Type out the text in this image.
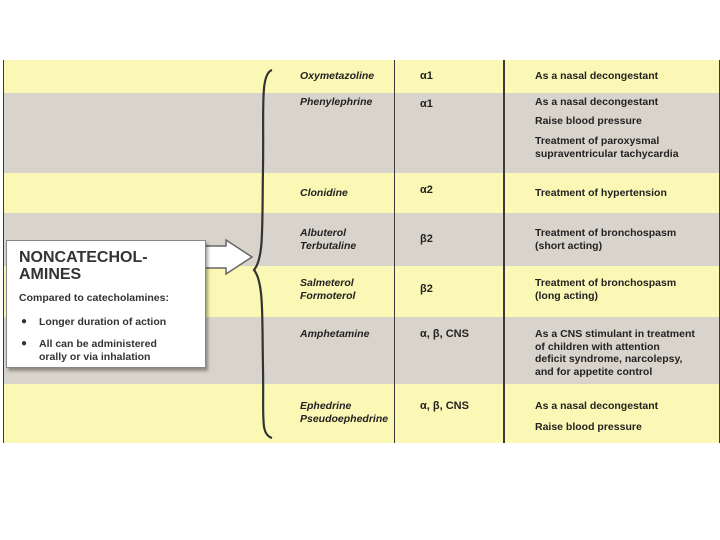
Oxymetazoline
Phenylephrine
Clonidine
Albuterol
Terbutaline
Salmeterol
Formoterol
Amphetamine
Ephedrine
Pseudoephedrine
α1
α1
α2
β2
β2
α, β, CNS
α, β, CNS
As a nasal decongestant
As a nasal decongestant
Raise blood pressure
Treatment of paroxysmal
supraventricular tachycardia
Treatment of hypertension
Treatment of bronchospasm
(short acting)
Treatment of bronchospasm
(long acting)
As a CNS stimulant in treatment
of children with attention
deficit syndrome, narcolepsy,
and for appetite control
As a nasal decongestant
Raise blood pressure
NONCATECHOL-
AMINES
Compared to catecholamines:
● Longer duration of action
● All can be administered
orally or via inhalation
